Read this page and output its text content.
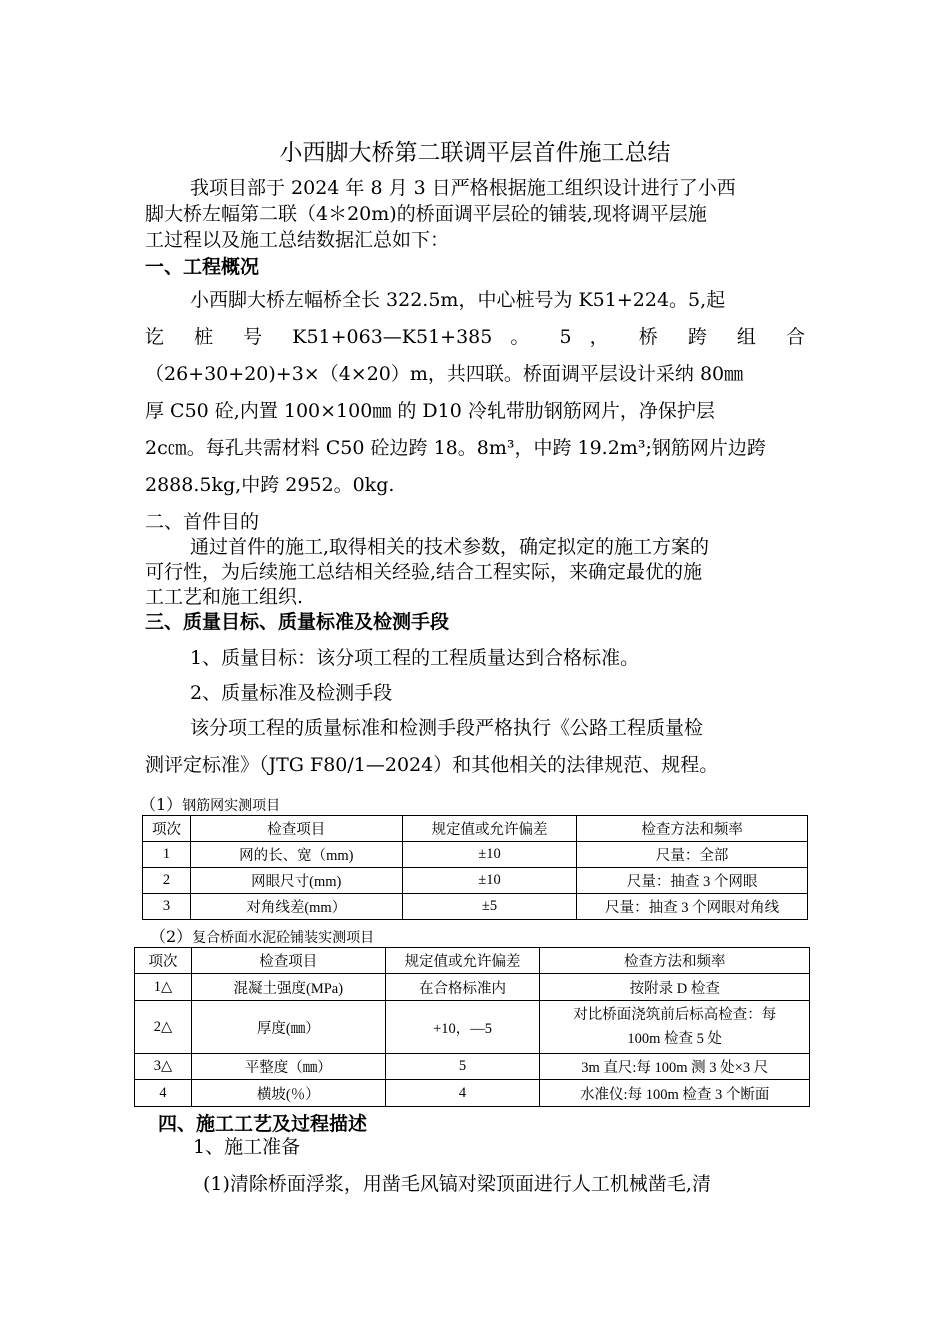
小西脚大桥第二联调平层首件施工总结
我项目部于 2024 年 8 月 3 日严格根据施工组织设计进行了小西
脚大桥左幅第二联（4＊20m)的桥面调平层砼的铺装,现将调平层施
工过程以及施工总结数据汇总如下：
一、工程概况
小西脚大桥左幅桥全长 322.5m，中心桩号为 K51+224。5,起
讫 桩 号 K51+063—K51+385 。 5 ， 桥 跨 组 合
（26+30+20)+3×（4×20）m，共四联。桥面调平层设计采纳 80㎜
厚 C50 砼,内置 100×100㎜ 的 D10 冷轧带肋钢筋网片，净保护层
2c㎝。每孔共需材料 C50 砼边跨 18。8m³，中跨 19.2m³;钢筋网片边跨
2888.5kg,中跨 2952。0kg.
二、首件目的
通过首件的施工,取得相关的技术参数，确定拟定的施工方案的
可行性，为后续施工总结相关经验,结合工程实际，来确定最优的施
工工艺和施工组织.
三、质量目标、质量标准及检测手段
1、质量目标：该分项工程的工程质量达到合格标准。
2、质量标准及检测手段
该分项工程的质量标准和检测手段严格执行《公路工程质量检
测评定标准》（JTG F80/1—2024）和其他相关的法律规范、规程。
（1）钢筋网实测项目
项次	检查项目	规定值或允许偏差	检查方法和频率
1	网的长、宽（mm)	±10	尺量：全部
2	网眼尺寸(mm)	±10	尺量：抽查 3 个网眼
3	对角线差(mm）	±5	尺量：抽查 3 个网眼对角线
（2）复合桥面水泥砼铺装实测项目
项次	检查项目	规定值或允许偏差	检查方法和频率
1△	混凝土强度(MPa)	在合格标准内	按附录 D 检查
2△	厚度(㎜）	+10，—5	对比桥面浇筑前后标高检查：每
100m 检查 5 处

3△	平整度（㎜）	5	3m 直尺:每 100m 测 3 处×3 尺
4	横坡(％）	4	水准仪:每 100m 检查 3 个断面
四、施工工艺及过程描述
1、施工准备
(1)清除桥面浮浆，用凿毛风镐对梁顶面进行人工机械凿毛,清
